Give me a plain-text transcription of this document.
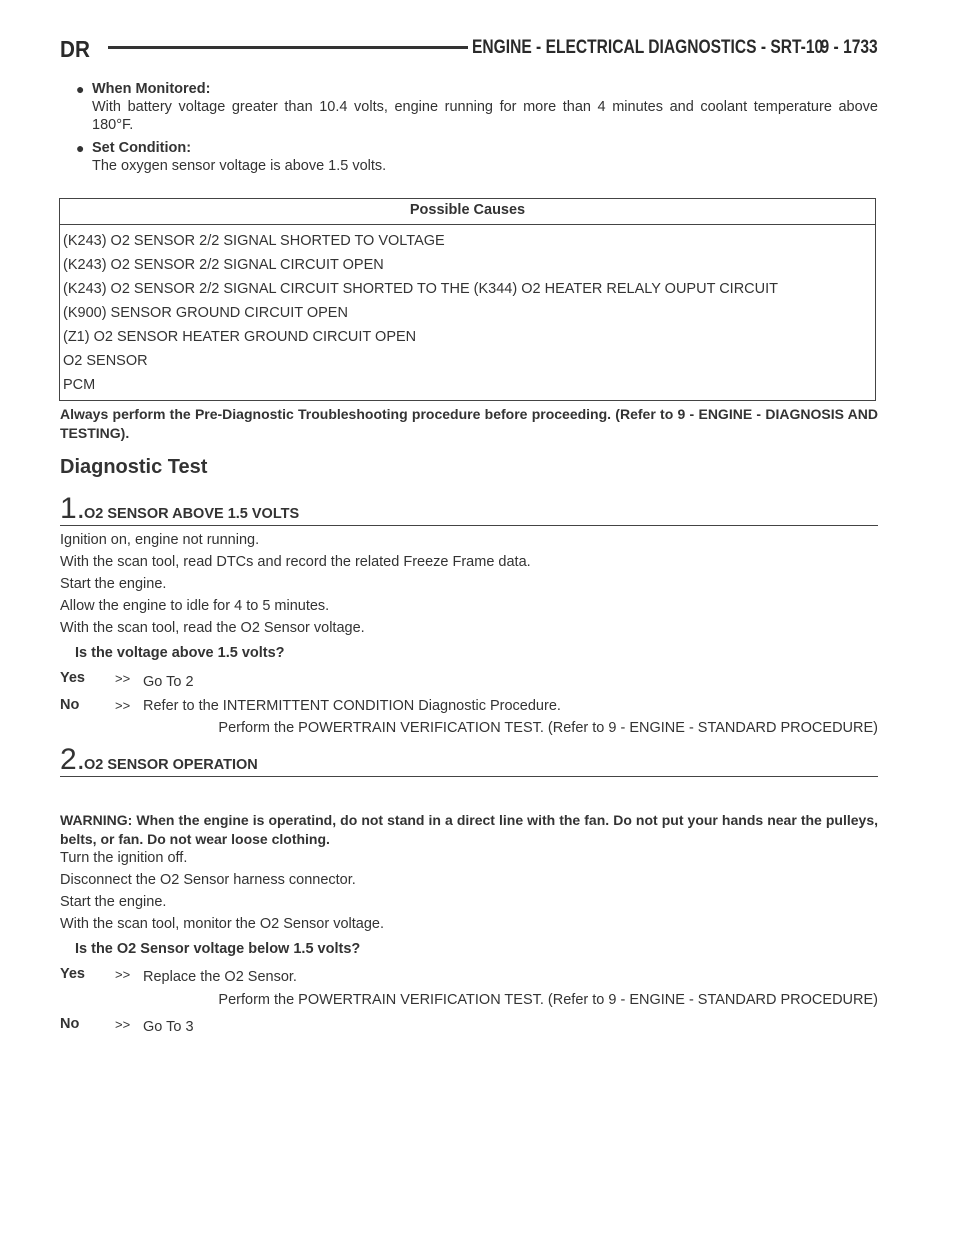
DR	ENGINE - ELECTRICAL DIAGNOSTICS - SRT-10
9 - 1733
● When Monitored:
With battery voltage greater than 10.4 volts, engine running for more than 4 minutes and coolant temperature above 180°F.
● Set Condition:
The oxygen sensor voltage is above 1.5 volts.
Possible Causes
(K243) O2 SENSOR 2/2 SIGNAL SHORTED TO VOLTAGE
(K243) O2 SENSOR 2/2 SIGNAL CIRCUIT OPEN
(K243) O2 SENSOR 2/2 SIGNAL CIRCUIT SHORTED TO THE (K344) O2 HEATER RELALY OUPUT CIRCUIT
(K900) SENSOR GROUND CIRCUIT OPEN
(Z1) O2 SENSOR HEATER GROUND CIRCUIT OPEN
O2 SENSOR
PCM
Always perform the Pre-Diagnostic Troubleshooting procedure before proceeding. (Refer to 9 - ENGINE - DIAGNOSIS AND TESTING).
Diagnostic Test
1.
O2 SENSOR ABOVE 1.5 VOLTS
Ignition on, engine not running.
With the scan tool, read DTCs and record the related Freeze Frame data.
Start the engine.
Allow the engine to idle for 4 to 5 minutes.
With the scan tool, read the O2 Sensor voltage.
Is the voltage above 1.5 volts?
Yes >> Go To 2
No	>> Refer to the INTERMITTENT CONDITION Diagnostic Procedure.
Perform the POWERTRAIN VERIFICATION TEST. (Refer to 9 - ENGINE - STANDARD PROCEDURE)
2.
O2 SENSOR OPERATION
WARNING: When the engine is operatind, do not stand in a direct line with the fan. Do not put your hands near the pulleys, belts, or fan. Do not wear loose clothing.
Turn the ignition off.
Disconnect the O2 Sensor harness connector.
Start the engine.
With the scan tool, monitor the O2 Sensor voltage.
Is the O2 Sensor voltage below 1.5 volts?
Yes >> Replace the O2 Sensor.
Perform the POWERTRAIN VERIFICATION TEST. (Refer to 9 - ENGINE - STANDARD PROCEDURE)
No	>> Go To 3
